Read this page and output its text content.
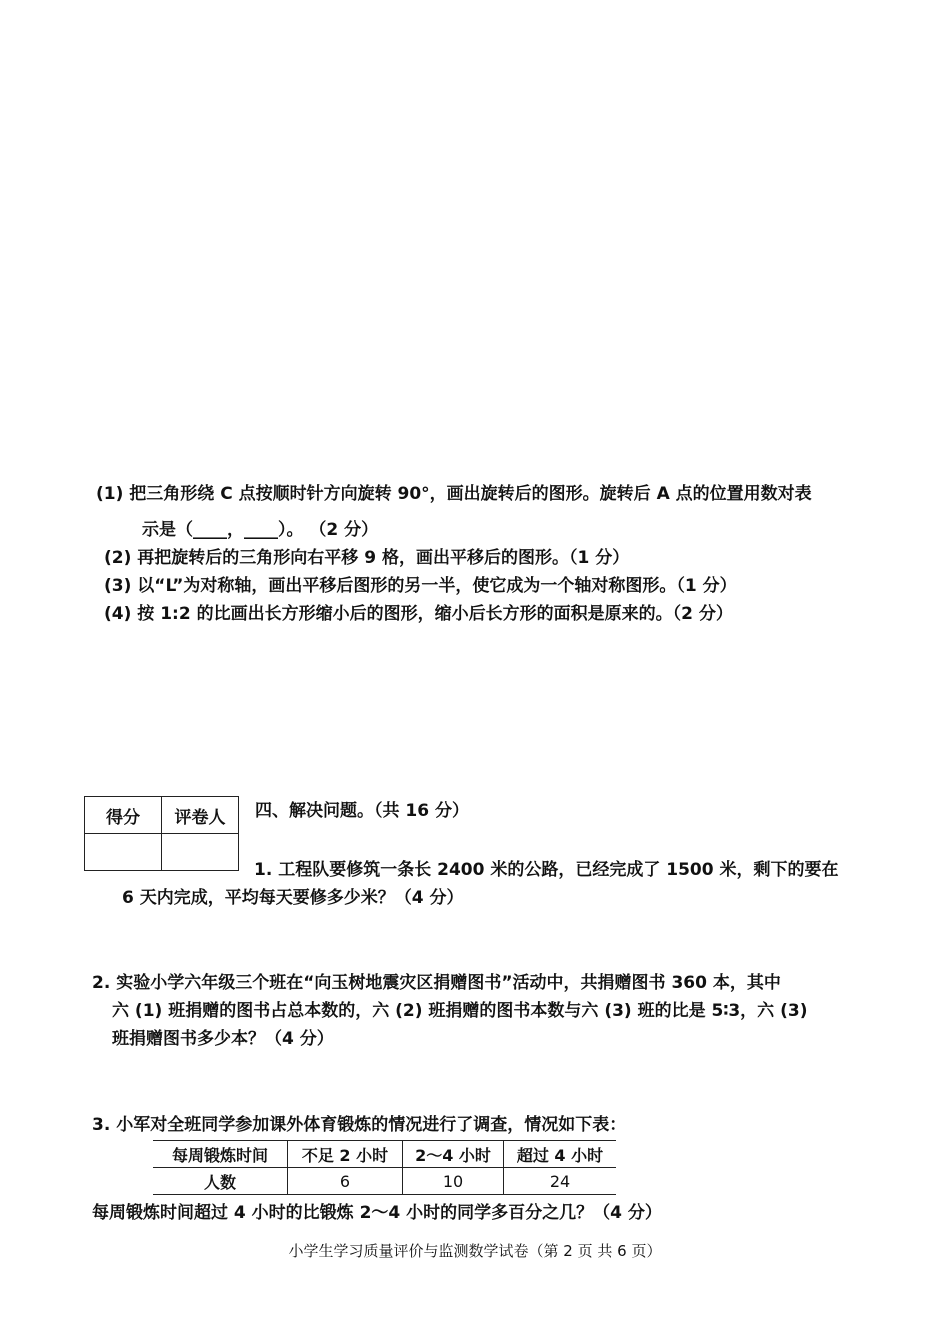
(1) 把三角形绕 C 点按顺时针方向旋转 90°，画出旋转后的图形。旋转后 A 点的位置用数对表
示是（____，____）。 （2 分）
(2) 再把旋转后的三角形向右平移 9 格，画出平移后的图形。（1 分）
(3) 以“L”为对称轴，画出平移后图形的另一半，使它成为一个轴对称图形。（1 分）
(4) 按 1:2 的比画出长方形缩小后的图形，缩小后长方形的面积是原来的。（2 分）
得分	评卷人
	四、解决问题。（共 16 分）
1. 工程队要修筑一条长 2400 米的公路，已经完成了 1500 米，剩下的要在
6 天内完成，平均每天要修多少米？（4 分）
2. 实验小学六年级三个班在“向玉树地震灾区捐赠图书”活动中，共捐赠图书 360 本，其中
六 (1) 班捐赠的图书占总本数的，六 (2) 班捐赠的图书本数与六 (3) 班的比是 5∶3，六 (3)
班捐赠图书多少本？（4 分）
3. 小军对全班同学参加课外体育锻炼的情况进行了调查，情况如下表：
每周锻炼时间	不足 2 小时	2～4 小时	超过 4 小时
人数	6	10	24
每周锻炼时间超过 4 小时的比锻炼 2～4 小时的同学多百分之几？（4 分）
小学生学习质量评价与监测数学试卷（第 2 页 共 6 页）
